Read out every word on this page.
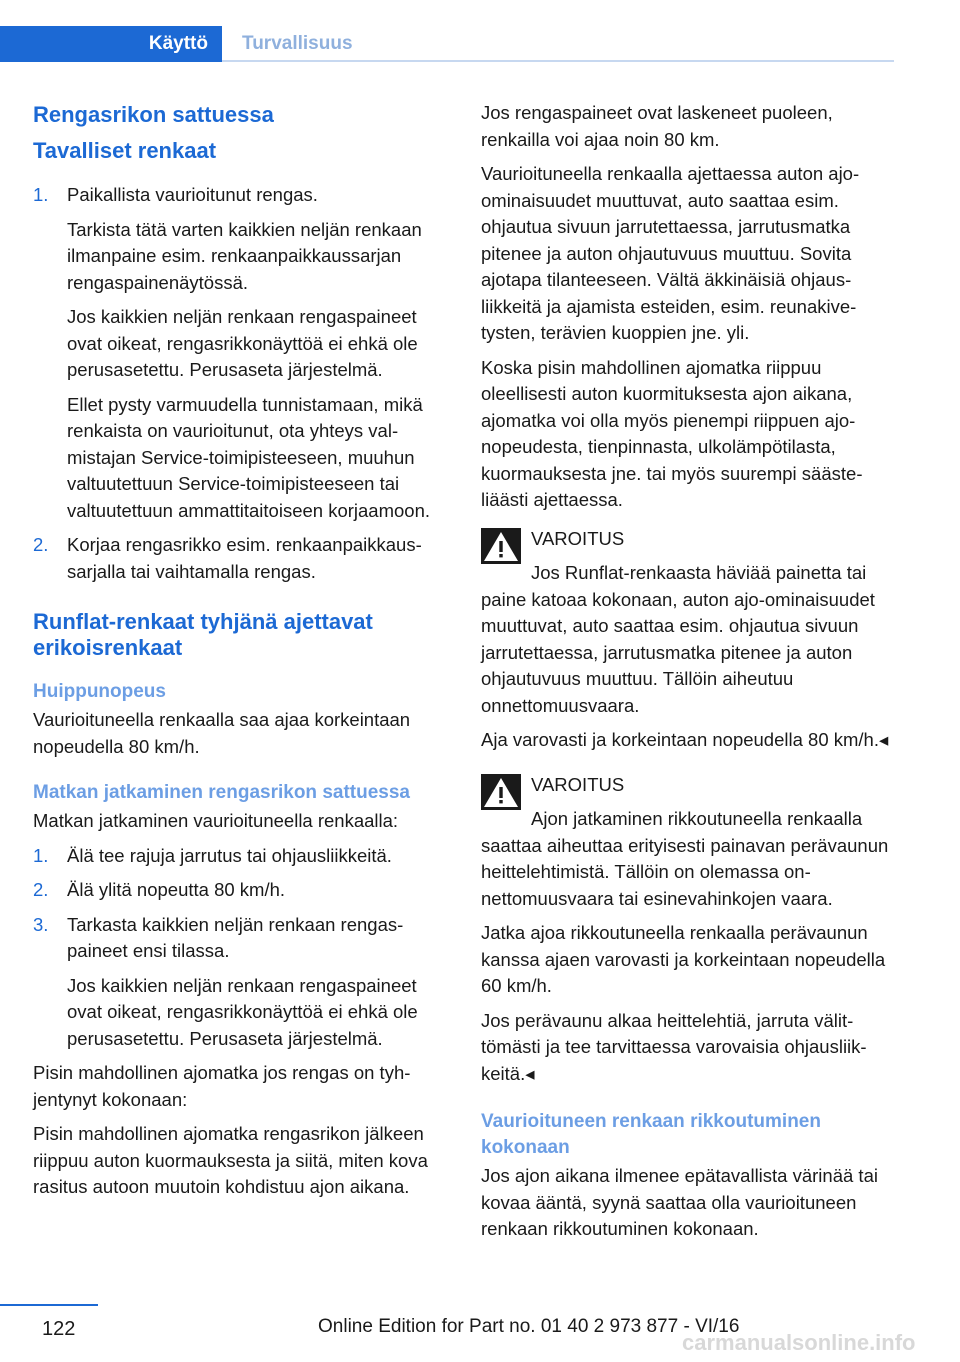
Käyttö	Turvallisuus
Rengasrikon sattuessa
Tavalliset renkaat
1. Paikallista vaurioitunut rengas.

Tarkista tätä varten kaikkien neljän renkaan ilmanpaine esim. renkaanpaikkaussarjan rengaspainenäytössä.

Jos kaikkien neljän renkaan rengaspaineet ovat oikeat, rengasrikkonäyttöä ei ehkä ole perusasetettu. Perusaseta järjestelmä.

Ellet pysty varmuudella tunnistamaan, mikä renkaista on vaurioitunut, ota yhteys valmistajan Service-toimipisteeseen, muuhun valtuutettuun Service-toimipisteeseen tai valtuutettuun ammattitaitoiseen korjaamoon.

2. Korjaa rengasrikko esim. renkaanpaikkaussarjalla tai vaihtamalla rengas.

Runflat-renkaat tyhjänä ajettavat erikoisrenkaat
Huippunopeus

Vaurioituneella renkaalla saa ajaa korkeintaan nopeudella 80 km/h.

Matkan jatkaminen rengasrikon sattuessa

Matkan jatkaminen vaurioituneella renkaalla:

1. Älä tee rajuja jarrutus tai ohjausliikkeitä.

2. Älä ylitä nopeutta 80 km/h.

3. Tarkasta kaikkien neljän renkaan rengaspaineet ensi tilassa.

Jos kaikkien neljän renkaan rengaspaineet ovat oikeat, rengasrikkonäyttöä ei ehkä ole perusasetettu. Perusaseta järjestelmä.

Pisin mahdollinen ajomatka jos rengas on tyhjentynyt kokonaan:

Pisin mahdollinen ajomatka rengasrikon jälkeen riippuu auton kuormauksesta ja siitä, miten kova rasitus autoon muutoin kohdistuu ajon aikana.

Jos rengaspaineet ovat laskeneet puoleen, renkailla voi ajaa noin 80 km.

Vaurioituneella renkaalla ajettaessa auton ajoominaisuudet muuttuvat, auto saattaa esim. ohjautua sivuun jarrutettaessa, jarrutusmatka pitenee ja auton ohjautuvuus muuttuu. Sovita ajotapa tilanteeseen. Vältä äkkinäisiä ohjausliikkeitä ja ajamista esteiden, esim. reunakivetysten, terävien kuoppien jne. yli.

Koska pisin mahdollinen ajomatka riippuu oleellisesti auton kuormituksesta ajon aikana, ajomatka voi olla myös pienempi riippuen ajonopeudesta, tienpinnasta, ulkolämpötilasta, kuormauksesta jne. tai myös suurempi säästeliäästi ajettaessa.

VAROITUS

Jos Runflat-renkaasta häviää painetta tai

paine katoaa kokonaan, auton ajo-ominaisuudet muuttuvat, auto saattaa esim. ohjautua sivuun jarrutettaessa, jarrutusmatka pitenee ja auton ohjautuvuus muuttuu. Tällöin aiheutuu onnettomuusvaara.

Aja varovasti ja korkeintaan nopeudella 80 km/h.◂

VAROITUS

Ajon jatkaminen rikkoutuneella renkaalla

saattaa aiheuttaa erityisesti painavan perävaunun heittelehtimistä. Tällöin on olemassa onnettomuusvaara tai esinevahinkojen vaara.

Jatka ajoa rikkoutuneella renkaalla perävaunun kanssa ajaen varovasti ja korkeintaan nopeudella 60 km/h.

Jos perävaunu alkaa heittelehtiä, jarruta välittömästi ja tee tarvittaessa varovaisia ohjausliikkeitä.◂

Vaurioituneen renkaan rikkoutuminen kokonaan

Jos ajon aikana ilmenee epätavallista värinää tai kovaa ääntä, syynä saattaa olla vaurioituneen renkaan rikkoutuminen kokonaan.

122	Online Edition for Part no. 01 40 2 973 877 - VI/16
carmanualsonline.info
